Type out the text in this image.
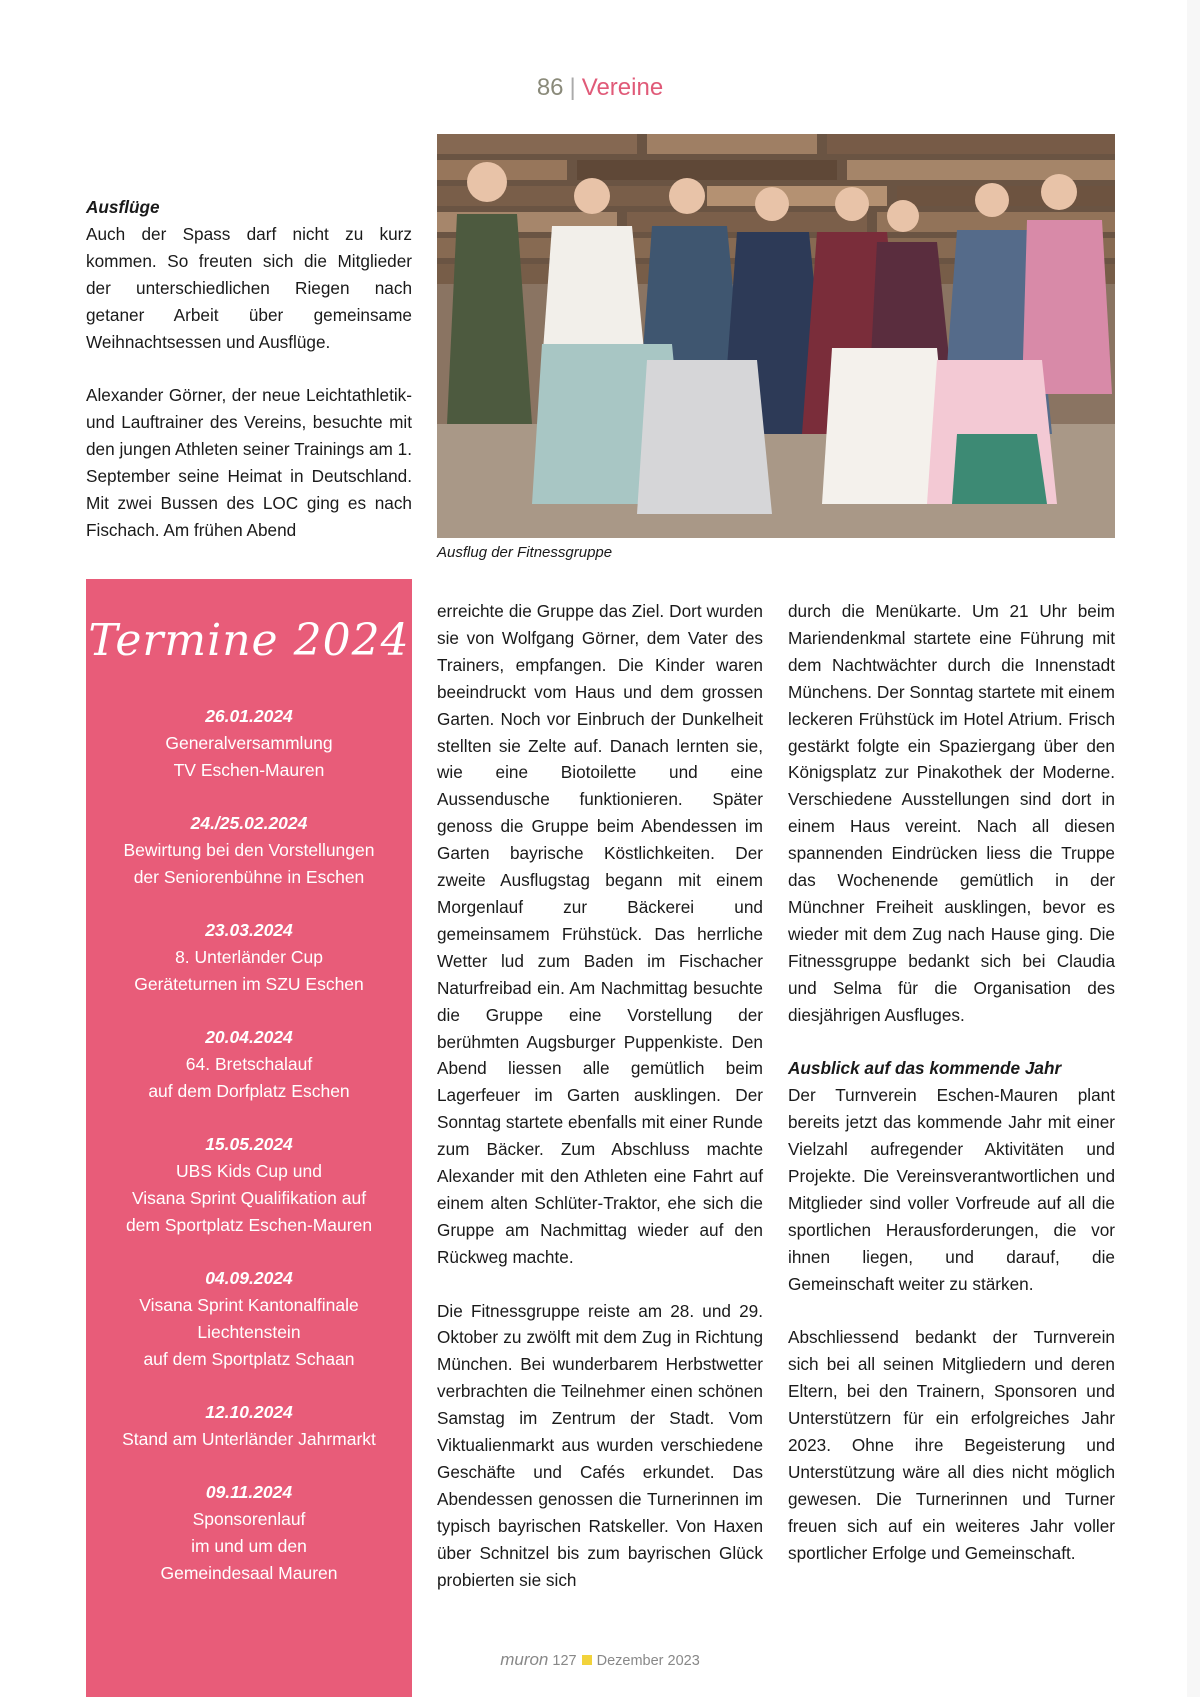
86 | Vereine
Ausflüge

Auch der Spass darf nicht zu kurz kommen. So freuten sich die Mitglieder der unterschiedlichen Riegen nach getaner Arbeit über gemeinsame Weihnachtsessen und Ausflüge.

Alexander Görner, der neue Leichtathletik- und Lauftrainer des Vereins, besuchte mit den jungen Athleten seiner Trainings am 1. September seine Heimat in Deutschland. Mit zwei Bussen des LOC ging es nach Fischach. Am frühen Abend

Ausflug der Fitnessgruppe
Termine 2024
26.01.2024
Generalversammlung
TV Eschen-Mauren
24./25.02.2024
Bewirtung bei den Vorstellungen
der Seniorenbühne in Eschen
23.03.2024
8. Unterländer Cup
Geräteturnen im SZU Eschen
20.04.2024
64. Bretschalauf
auf dem Dorfplatz Eschen
15.05.2024
UBS Kids Cup und
Visana Sprint Qualifikation auf
dem Sportplatz Eschen-Mauren
04.09.2024
Visana Sprint Kantonalfinale
Liechtenstein
auf dem Sportplatz Schaan
12.10.2024
Stand am Unterländer Jahrmarkt
09.11.2024
Sponsorenlauf
im und um den
Gemeindesaal Mauren

erreichte die Gruppe das Ziel. Dort wurden sie von Wolfgang Görner, dem Vater des Trainers, empfangen. Die Kinder waren beeindruckt vom Haus und dem grossen Garten. Noch vor Einbruch der Dunkelheit stellten sie Zelte auf. Danach lernten sie, wie eine Biotoilette und eine Aussendusche funktionieren. Später genoss die Gruppe beim Abendessen im Garten bayrische Köstlichkeiten. Der zweite Ausflugstag begann mit einem Morgenlauf zur Bäckerei und gemeinsamem Frühstück. Das herrliche Wetter lud zum Baden im Fischacher Naturfreibad ein. Am Nachmittag besuchte die Gruppe eine Vorstellung der berühmten Augsburger Puppenkiste. Den Abend liessen alle gemütlich beim Lagerfeuer im Garten ausklingen. Der Sonntag startete ebenfalls mit einer Runde zum Bäcker. Zum Abschluss machte Alexander mit den Athleten eine Fahrt auf einem alten Schlüter-Traktor, ehe sich die Gruppe am Nachmittag wieder auf den Rückweg machte.

Die Fitnessgruppe reiste am 28. und 29. Oktober zu zwölft mit dem Zug in Richtung München. Bei wunderbarem Herbstwetter verbrachten die Teilnehmer einen schönen Samstag im Zentrum der Stadt. Vom Viktualienmarkt aus wurden verschiedene Geschäfte und Cafés erkundet. Das Abendessen genossen die Turnerinnen im typisch bayrischen Ratskeller. Von Haxen über Schnitzel bis zum bayrischen Glück probierten sie sich

durch die Menükarte. Um 21 Uhr beim Mariendenkmal startete eine Führung mit dem Nachtwächter durch die Innenstadt Münchens. Der Sonntag startete mit einem leckeren Frühstück im Hotel Atrium. Frisch gestärkt folgte ein Spaziergang über den Königsplatz zur Pinakothek der Moderne. Verschiedene Ausstellungen sind dort in einem Haus vereint. Nach all diesen spannenden Eindrücken liess die Truppe das Wochenende gemütlich in der Münchner Freiheit ausklingen, bevor es wieder mit dem Zug nach Hause ging. Die Fitnessgruppe bedankt sich bei Claudia und Selma für die Organisation des diesjährigen Ausfluges.

Ausblick auf das kommende Jahr

Der Turnverein Eschen-Mauren plant bereits jetzt das kommende Jahr mit einer Vielzahl aufregender Aktivitäten und Projekte. Die Vereinsverantwortlichen und Mitglieder sind voller Vorfreude auf all die sportlichen Herausforderungen, die vor ihnen liegen, und darauf, die Gemeinschaft weiter zu stärken.

Abschliessend bedankt der Turnverein sich bei all seinen Mitgliedern und deren Eltern, bei den Trainern, Sponsoren und Unterstützern für ein erfolgreiches Jahr 2023. Ohne ihre Begeisterung und Unterstützung wäre all dies nicht möglich gewesen. Die Turnerinnen und Turner freuen sich auf ein weiteres Jahr voller sportlicher Erfolge und Gemeinschaft.

muron 127 Dezember 2023
